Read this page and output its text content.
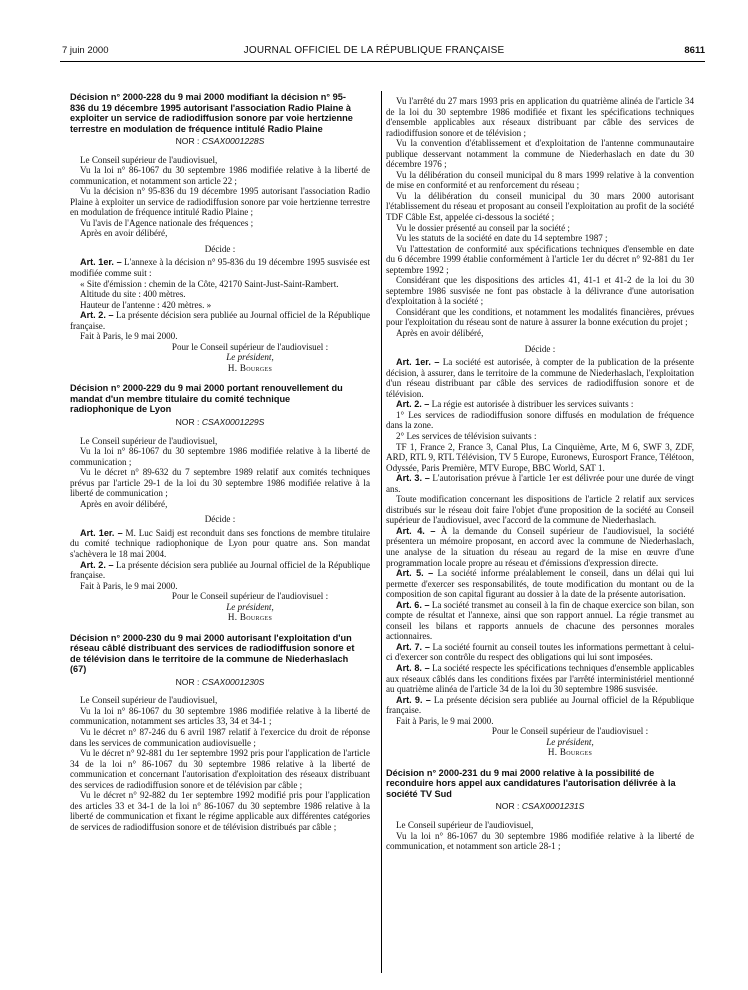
7 juin 2000	JOURNAL OFFICIEL DE LA RÉPUBLIQUE FRANÇAISE	8611

Décision n° 2000-228 du 9 mai 2000 modifiant la décision n° 95-836 du 19 décembre 1995 autorisant l'association Radio Plaine à exploiter un service de radiodiffusion sonore par voie hertzienne terrestre en modulation de fréquence intitulé Radio Plaine

NOR : CSAX0001228S

Le Conseil supérieur de l'audiovisuel,

Vu la loi n° 86-1067 du 30 septembre 1986 modifiée relative à la liberté de communication, et notamment son article 22 ;

Vu la décision n° 95-836 du 19 décembre 1995 autorisant l'association Radio Plaine à exploiter un service de radiodiffusion sonore par voie hertzienne terrestre en modulation de fréquence intitulé Radio Plaine ;

Vu l'avis de l'Agence nationale des fréquences ;

Après en avoir délibéré,

Décide :

Art. 1er. – L'annexe à la décision n° 95-836 du 19 décembre 1995 susvisée est modifiée comme suit :

« Site d'émission : chemin de la Côte, 42170 Saint-Just-Saint-Rambert.

Altitude du site : 400 mètres.

Hauteur de l'antenne : 420 mètres. »

Art. 2. – La présente décision sera publiée au Journal officiel de la République française.

Fait à Paris, le 9 mai 2000.

Pour le Conseil supérieur de l'audiovisuel :

Le président,

H. Bourges

Décision n° 2000-229 du 9 mai 2000 portant renouvellement du mandat d'un membre titulaire du comité technique radiophonique de Lyon

NOR : CSAX0001229S

Le Conseil supérieur de l'audiovisuel,

Vu la loi n° 86-1067 du 30 septembre 1986 modifiée relative à la liberté de communication ;

Vu le décret n° 89-632 du 7 septembre 1989 relatif aux comités techniques prévus par l'article 29-1 de la loi du 30 septembre 1986 modifiée relative à la liberté de communication ;

Après en avoir délibéré,

Décide :

Art. 1er. – M. Luc Saidj est reconduit dans ses fonctions de membre titulaire du comité technique radiophonique de Lyon pour quatre ans. Son mandat s'achèvera le 18 mai 2004.

Art. 2. – La présente décision sera publiée au Journal officiel de la République française.

Fait à Paris, le 9 mai 2000.

Pour le Conseil supérieur de l'audiovisuel :

Le président,

H. Bourges

Décision n° 2000-230 du 9 mai 2000 autorisant l'exploitation d'un réseau câblé distribuant des services de radiodiffusion sonore et de télévision dans le territoire de la commune de Niederhaslach (67)

NOR : CSAX0001230S

Le Conseil supérieur de l'audiovisuel,

Vu la loi n° 86-1067 du 30 septembre 1986 modifiée relative à la liberté de communication, notamment ses articles 33, 34 et 34-1 ;

Vu le décret n° 87-246 du 6 avril 1987 relatif à l'exercice du droit de réponse dans les services de communication audiovisuelle ;

Vu le décret n° 92-881 du 1er septembre 1992 pris pour l'application de l'article 34 de la loi n° 86-1067 du 30 septembre 1986 relative à la liberté de communication et concernant l'autorisation d'exploitation des réseaux distribuant des services de radiodiffusion sonore et de télévision par câble ;

Vu le décret n° 92-882 du 1er septembre 1992 modifié pris pour l'application des articles 33 et 34-1 de la loi n° 86-1067 du 30 septembre 1986 relative à la liberté de communication et fixant le régime applicable aux différentes catégories de services de radiodiffusion sonore et de télévision distribués par câble ;

Vu l'arrêté du 27 mars 1993 pris en application du quatrième alinéa de l'article 34 de la loi du 30 septembre 1986 modifiée et fixant les spécifications techniques d'ensemble applicables aux réseaux distribuant par câble des services de radiodiffusion sonore et de télévision ;

Vu la convention d'établissement et d'exploitation de l'antenne communautaire publique desservant notamment la commune de Niederhaslach en date du 30 décembre 1976 ;

Vu la délibération du conseil municipal du 8 mars 1999 relative à la convention de mise en conformité et au renforcement du réseau ;

Vu la délibération du conseil municipal du 30 mars 2000 autorisant l'établissement du réseau et proposant au conseil l'exploitation au profit de la société TDF Câble Est, appelée ci-dessous la société ;

Vu le dossier présenté au conseil par la société ;

Vu les statuts de la société en date du 14 septembre 1987 ;

Vu l'attestation de conformité aux spécifications techniques d'ensemble en date du 6 décembre 1999 établie conformément à l'article 1er du décret n° 92-881 du 1er septembre 1992 ;

Considérant que les dispositions des articles 41, 41-1 et 41-2 de la loi du 30 septembre 1986 susvisée ne font pas obstacle à la délivrance d'une autorisation d'exploitation à la société ;

Considérant que les conditions, et notamment les modalités financières, prévues pour l'exploitation du réseau sont de nature à assurer la bonne exécution du projet ;

Après en avoir délibéré,

Décide :

Art. 1er. – La société est autorisée, à compter de la publication de la présente décision, à assurer, dans le territoire de la commune de Niederhaslach, l'exploitation d'un réseau distribuant par câble des services de radiodiffusion sonore et de télévision.

Art. 2. – La régie est autorisée à distribuer les services suivants :

1° Les services de radiodiffusion sonore diffusés en modulation de fréquence dans la zone.

2° Les services de télévision suivants :

TF 1, France 2, France 3, Canal Plus, La Cinquième, Arte, M 6, SWF 3, ZDF, ARD, RTL 9, RTL Télévision, TV 5 Europe, Euronews, Eurosport France, Télétoon, Odyssée, Paris Première, MTV Europe, BBC World, SAT 1.

Art. 3. – L'autorisation prévue à l'article 1er est délivrée pour une durée de vingt ans.

Toute modification concernant les dispositions de l'article 2 relatif aux services distribués sur le réseau doit faire l'objet d'une proposition de la société au Conseil supérieur de l'audiovisuel, avec l'accord de la commune de Niederhaslach.

Art. 4. – À la demande du Conseil supérieur de l'audiovisuel, la société présentera un mémoire proposant, en accord avec la commune de Niederhaslach, une analyse de la situation du réseau au regard de la mise en œuvre d'une programmation locale propre au réseau et d'émissions d'expression directe.

Art. 5. – La société informe préalablement le conseil, dans un délai qui lui permette d'exercer ses responsabilités, de toute modification du montant ou de la composition de son capital figurant au dossier à la date de la présente autorisation.

Art. 6. – La société transmet au conseil à la fin de chaque exercice son bilan, son compte de résultat et l'annexe, ainsi que son rapport annuel. La régie transmet au conseil les bilans et rapports annuels de chacune des personnes morales actionnaires.

Art. 7. – La société fournit au conseil toutes les informations permettant à celui-ci d'exercer son contrôle du respect des obligations qui lui sont imposées.

Art. 8. – La société respecte les spécifications techniques d'ensemble applicables aux réseaux câblés dans les conditions fixées par l'arrêté interministériel mentionné au quatrième alinéa de l'article 34 de la loi du 30 septembre 1986 susvisée.

Art. 9. – La présente décision sera publiée au Journal officiel de la République française.

Fait à Paris, le 9 mai 2000.

Pour le Conseil supérieur de l'audiovisuel :

Le président,

H. Bourges

Décision n° 2000-231 du 9 mai 2000 relative à la possibilité de reconduire hors appel aux candidatures l'autorisation délivrée à la société TV Sud

NOR : CSAX0001231S

Le Conseil supérieur de l'audiovisuel,

Vu la loi n° 86-1067 du 30 septembre 1986 modifiée relative à la liberté de communication, et notamment son article 28-1 ;
